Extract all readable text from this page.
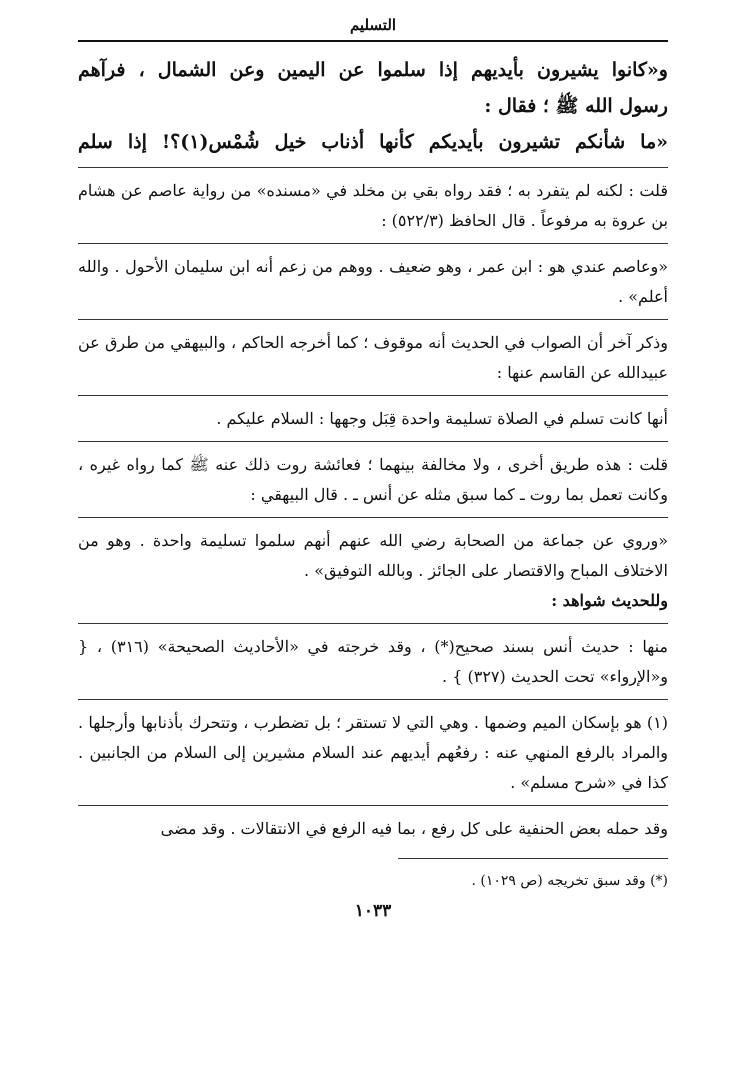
التسليم
و«كانوا يشيرون بأيديهم إذا سلموا عن اليمين وعن الشمال ، فرآهم
رسول الله ﷺ ؛ فقال :
«ما شأنكم تشيرون بأيديكم كأنها أذناب خيل شُمْس(١)؟! إذا سلم

قلت : لكنه لم يتفرد به ؛ فقد رواه بقي بن مخلد في «مسنده» من رواية عاصم عن هشام بن عروة به مرفوعاً . قال الحافظ (٥٢٢/٣) :

«وعاصم عندي هو : ابن عمر ، وهو ضعيف . ووهم من زعم أنه ابن سليمان الأحول . والله أعلم» .

وذكر آخر أن الصواب في الحديث أنه موقوف ؛ كما أخرجه الحاكم ، والبيهقي من طرق عن عبيدالله عن القاسم عنها :

أنها كانت تسلم في الصلاة تسليمة واحدة قِبَل وجهها : السلام عليكم .

قلت : هذه طريق أخرى ، ولا مخالفة بينهما ؛ فعائشة روت ذلك عنه ﷺ كما رواه غيره ، وكانت تعمل بما روت ـ كما سبق مثله عن أنس ـ . قال البيهقي :

«وروي عن جماعة من الصحابة رضي الله عنهم أنهم سلموا تسليمة واحدة . وهو من الاختلاف المباح والاقتصار على الجائز . وبالله التوفيق» .

وللحديث شواهد :

منها : حديث أنس بسند صحيح(*) ، وقد خرجته في «الأحاديث الصحيحة» (٣١٦) ، { و«الإرواء» تحت الحديث (٣٢٧) } .

(١) هو بإسكان الميم وضمها . وهي التي لا تستقر ؛ بل تضطرب ، وتتحرك بأذنابها وأرجلها . والمراد بالرفع المنهي عنه : رفعُهم أيديهم عند السلام مشيرين إلى السلام من الجانبين . كذا في «شرح مسلم» .

وقد حمله بعض الحنفية على كل رفع ، بما فيه الرفع في الانتقالات . وقد مضى

(*) وقد سبق تخريجه (ص ١٠٢٩) .
١٠٣٣
